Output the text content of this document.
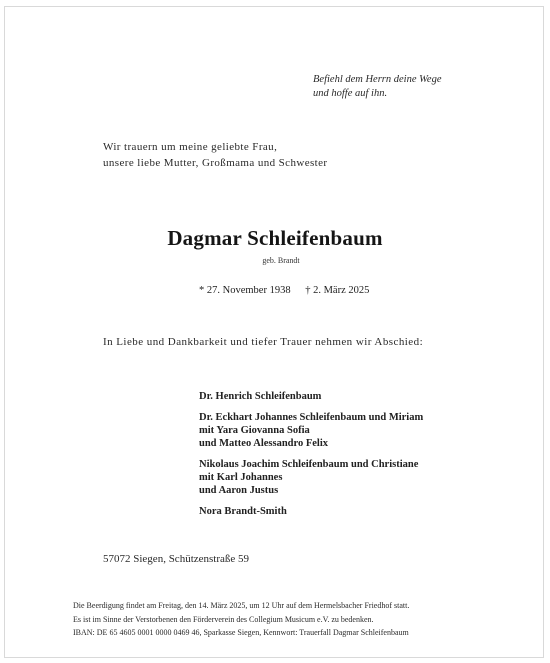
Befiehl dem Herrn deine Wege
und hoffe auf ihn.
Wir trauern um meine geliebte Frau,
unsere liebe Mutter, Großmama und Schwester
Dagmar Schleifenbaum
geb. Brandt
* 27. November 1938 † 2. März 2025
In Liebe und Dankbarkeit und tiefer Trauer nehmen wir Abschied:
Dr. Henrich Schleifenbaum
Dr. Eckhart Johannes Schleifenbaum und Miriam
mit Yara Giovanna Sofia
und Matteo Alessandro Felix
Nikolaus Joachim Schleifenbaum und Christiane
mit Karl Johannes
und Aaron Justus
Nora Brandt-Smith
57072 Siegen, Schützenstraße 59
Die Beerdigung findet am Freitag, den 14. März 2025, um 12 Uhr auf dem Hermelsbacher Friedhof statt.
Es ist im Sinne der Verstorbenen den Förderverein des Collegium Musicum e.V. zu bedenken.
IBAN: DE 65 4605 0001 0000 0469 46, Sparkasse Siegen, Kennwort: Trauerfall Dagmar Schleifenbaum
